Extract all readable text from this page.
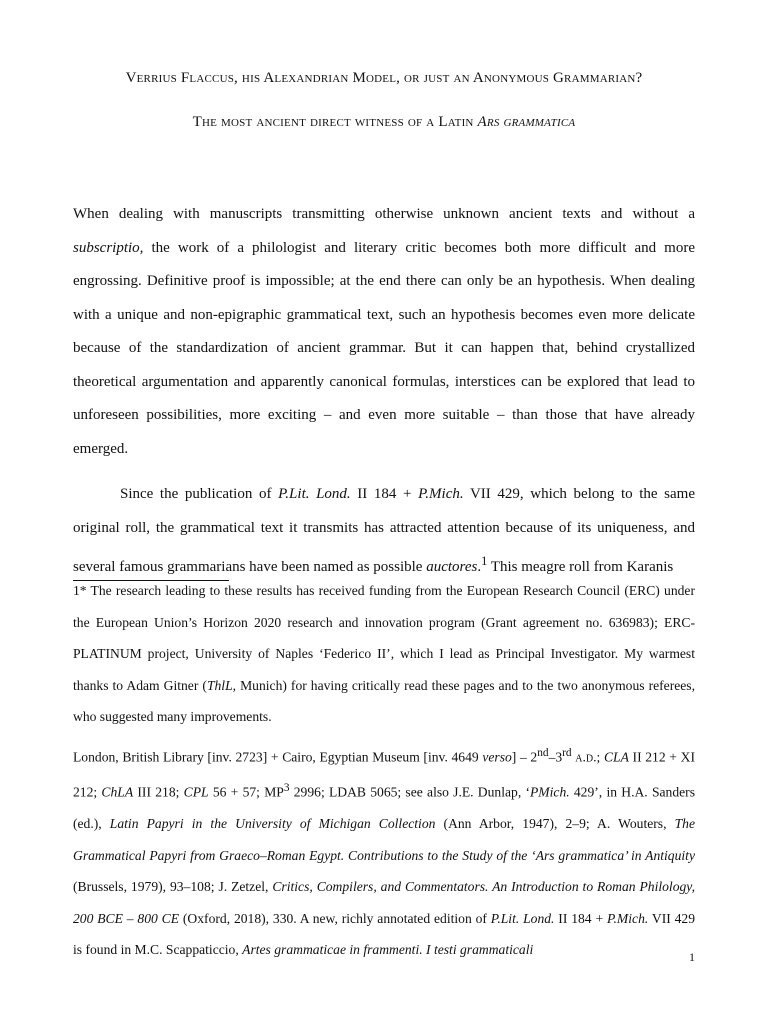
Verrius Flaccus, his Alexandrian Model, or just an Anonymous Grammarian?
The most ancient direct witness of a Latin Ars grammatica

When dealing with manuscripts transmitting otherwise unknown ancient texts and without a subscriptio, the work of a philologist and literary critic becomes both more difficult and more engrossing. Definitive proof is impossible; at the end there can only be an hypothesis. When dealing with a unique and non-epigraphic grammatical text, such an hypothesis becomes even more delicate because of the standardization of ancient grammar. But it can happen that, behind crystallized theoretical argumentation and apparently canonical formulas, interstices can be explored that lead to unforeseen possibilities, more exciting – and even more suitable – than those that have already emerged.

Since the publication of P.Lit. Lond. II 184 + P.Mich. VII 429, which belong to the same original roll, the grammatical text it transmits has attracted attention because of its uniqueness, and several famous grammarians have been named as possible auctores.$^1$ This meagre roll from Karanis

1* The research leading to these results has received funding from the European Research Council (ERC) under the European Union’s Horizon 2020 research and innovation program (Grant agreement no. 636983); ERC-PLATINUM project, University of Naples ‘Federico II’, which I lead as Principal Investigator. My warmest thanks to Adam Gitner (ThlL, Munich) for having critically read these pages and to the two anonymous referees, who suggested many improvements.

London, British Library [inv. 2723] + Cairo, Egyptian Museum [inv. 4649 verso] – 2nd–3rd a.d.; CLA II 212 + XI 212; ChLA III 218; CPL 56 + 57; $MP^3$ 2996; LDAB 5065; see also J.E. Dunlap, ‘PMich. 429’, in H.A. Sanders (ed.), Latin Papyri in the University of Michigan Collection (Ann Arbor, 1947), 2–9; A. Wouters, The Grammatical Papyri from Graeco–Roman Egypt. Contributions to the Study of the ‘Ars grammatica’ in Antiquity (Brussels, 1979), 93–108; J. Zetzel, Critics, Compilers, and Commentators. An Introduction to Roman Philology, 200 BCE – 800 CE (Oxford, 2018), 330. A new, richly annotated edition of P.Lit. Lond. II 184 + P.Mich. VII 429 is found in M.C. Scappaticcio, Artes grammaticae in frammenti. I testi grammaticali	1
